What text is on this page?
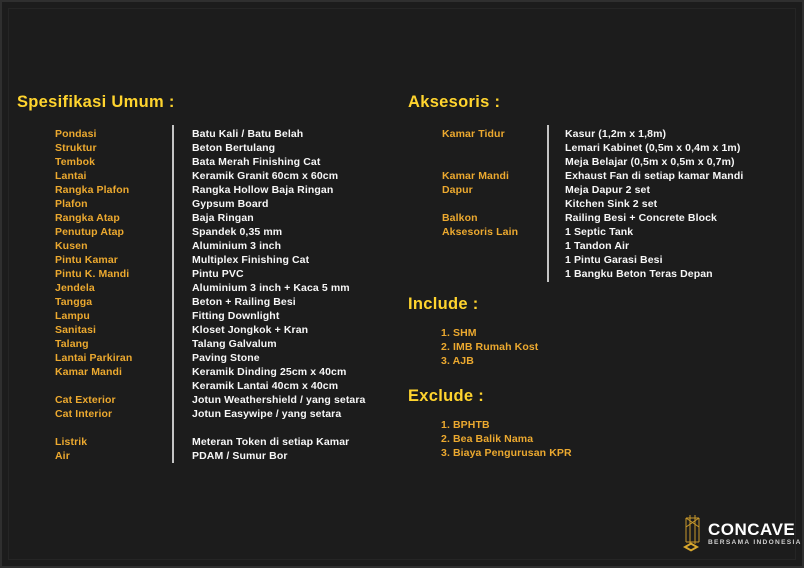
Spesifikasi Umum :	Aksesoris :
Include :
Exclude :
Pondasi	Batu Kali / Batu Belah
Struktur	Beton Bertulang
Tembok	Bata Merah Finishing Cat
Lantai	Keramik Granit 60cm x 60cm
Rangka Plafon	Rangka Hollow Baja Ringan
Plafon	Gypsum Board
Rangka Atap	Baja Ringan
Penutup Atap	Spandek 0,35 mm
Kusen	Aluminium 3 inch
Pintu Kamar	Multiplex Finishing Cat
Pintu K. Mandi	Pintu PVC
Jendela	Aluminium 3 inch + Kaca 5 mm
Tangga	Beton + Railing Besi
Lampu	Fitting Downlight
Sanitasi	Kloset Jongkok + Kran
Talang	Talang Galvalum
Lantai Parkiran	Paving Stone
Kamar Mandi	Keramik Dinding 25cm x 40cm
Keramik Lantai 40cm x 40cm
Cat Exterior	Jotun Weathershield / yang setara
Cat Interior	Jotun Easywipe / yang setara
Listrik	Meteran Token di setiap Kamar
Air	PDAM / Sumur Bor
Kamar Tidur	Kasur (1,2m x 1,8m)
Lemari Kabinet (0,5m x 0,4m x 1m)
Meja Belajar (0,5m x 0,5m x 0,7m)
Kamar Mandi	Exhaust Fan di setiap kamar Mandi
Dapur	Meja Dapur 2 set
Kitchen Sink 2 set
Balkon	Railing Besi + Concrete Block
Aksesoris Lain	1 Septic Tank
1 Tandon Air
1 Pintu Garasi Besi
1 Bangku Beton Teras Depan
1. SHM
2. IMB Rumah Kost
3. AJB
1. BPHTB
2. Bea Balik Nama
3. Biaya Pengurusan KPR
CONCAVE
BERSAMA INDONESIA
